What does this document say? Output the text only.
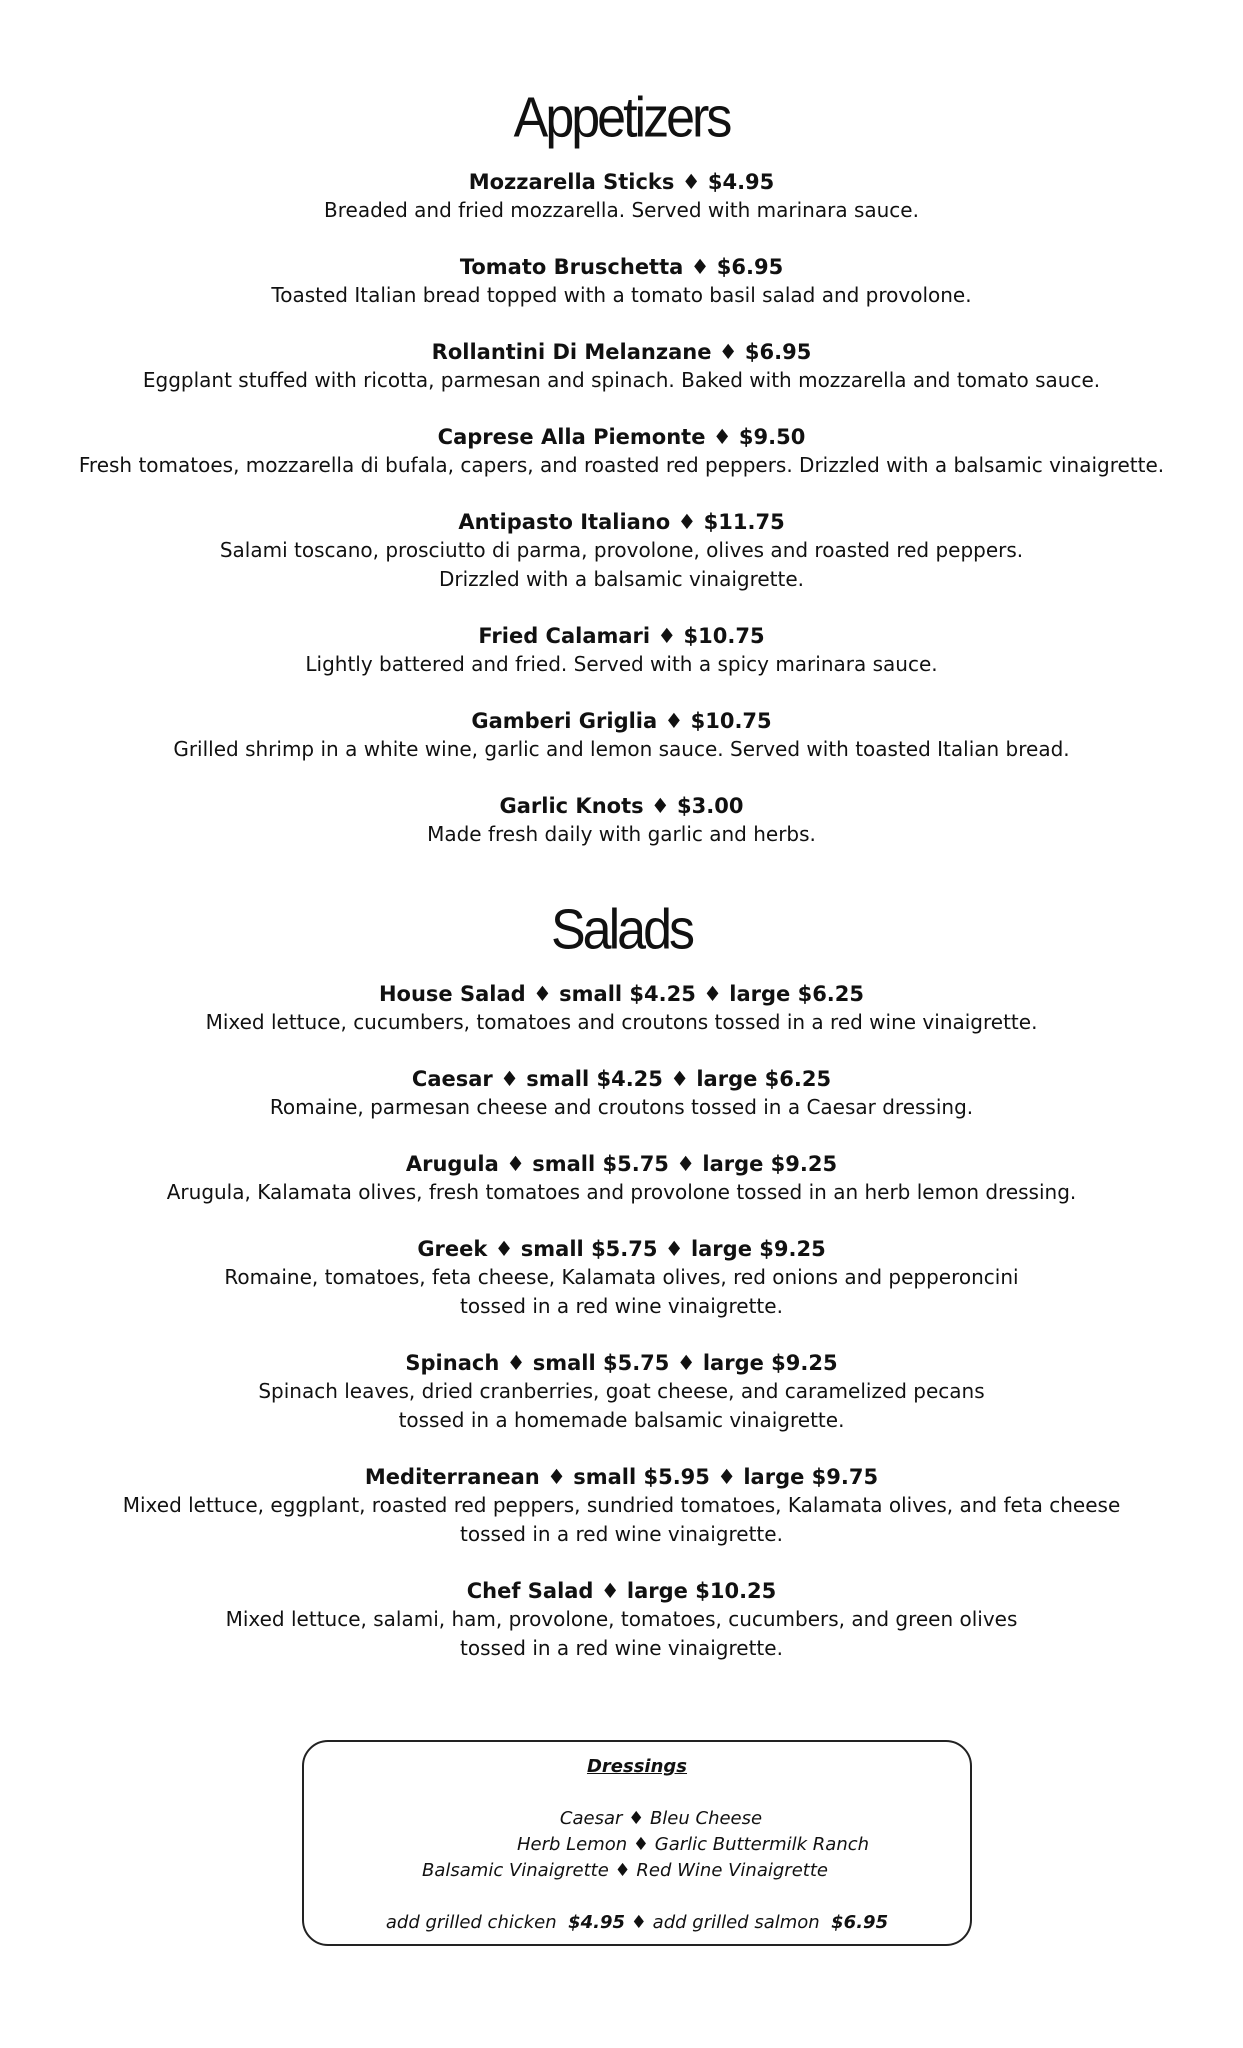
Appetizers
Mozzarella Sticks ♦ $4.95
Breaded and fried mozzarella. Served with marinara sauce.
Tomato Bruschetta ♦ $6.95
Toasted Italian bread topped with a tomato basil salad and provolone.
Rollantini Di Melanzane ♦ $6.95
Eggplant stuffed with ricotta, parmesan and spinach. Baked with mozzarella and tomato sauce.
Caprese Alla Piemonte ♦ $9.50
Fresh tomatoes, mozzarella di bufala, capers, and roasted red peppers. Drizzled with a balsamic vinaigrette.
Antipasto Italiano ♦ $11.75
Salami toscano, prosciutto di parma, provolone, olives and roasted red peppers.
Drizzled with a balsamic vinaigrette.
Fried Calamari ♦ $10.75
Lightly battered and fried. Served with a spicy marinara sauce.
Gamberi Griglia ♦ $10.75
Grilled shrimp in a white wine, garlic and lemon sauce. Served with toasted Italian bread.
Garlic Knots ♦ $3.00
Made fresh daily with garlic and herbs.
Salads
House Salad ♦ small $4.25 ♦ large $6.25
Mixed lettuce, cucumbers, tomatoes and croutons tossed in a red wine vinaigrette.
Caesar ♦ small $4.25 ♦ large $6.25
Romaine, parmesan cheese and croutons tossed in a Caesar dressing.
Arugula ♦ small $5.75 ♦ large $9.25
Arugula, Kalamata olives, fresh tomatoes and provolone tossed in an herb lemon dressing.
Greek ♦ small $5.75 ♦ large $9.25
Romaine, tomatoes, feta cheese, Kalamata olives, red onions and pepperoncini
tossed in a red wine vinaigrette.
Spinach ♦ small $5.75 ♦ large $9.25
Spinach leaves, dried cranberries, goat cheese, and caramelized pecans
tossed in a homemade balsamic vinaigrette.
Mediterranean ♦ small $5.95 ♦ large $9.75
Mixed lettuce, eggplant, roasted red peppers, sundried tomatoes, Kalamata olives, and feta cheese
tossed in a red wine vinaigrette.
Chef Salad ♦ large $10.25
Mixed lettuce, salami, ham, provolone, tomatoes, cucumbers, and green olives
tossed in a red wine vinaigrette.
Dressings
Caesar ♦ Bleu Cheese
Herb Lemon ♦ Garlic Buttermilk Ranch
Balsamic Vinaigrette ♦ Red Wine Vinaigrette
add grilled chicken $4.95 ♦ add grilled salmon $6.95
